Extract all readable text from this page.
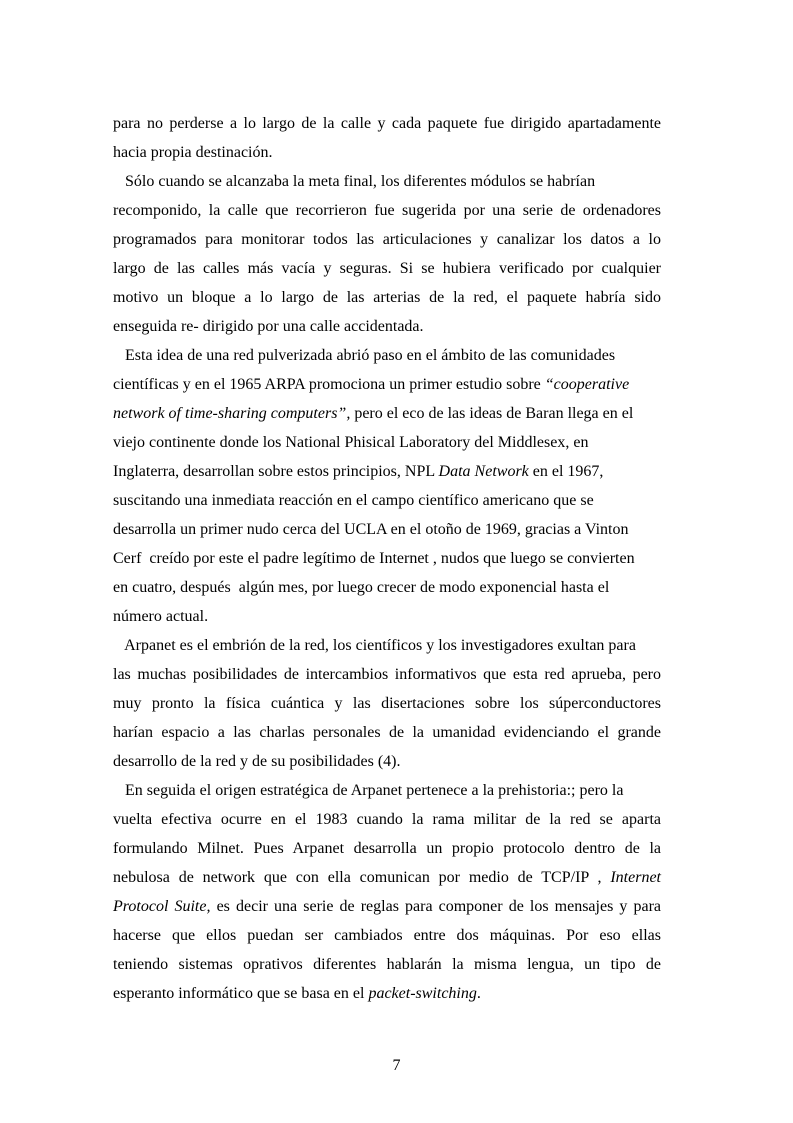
para no perderse a lo largo de la calle y cada paquete fue dirigido apartadamente
hacia propia destinación.
Sólo cuando se alcanzaba la meta final, los diferentes módulos se habrían
recomponido, la calle que recorrieron fue sugerida por una serie de ordenadores
programados para monitorar todos las articulaciones y canalizar los datos a lo
largo de las calles más vacía y seguras. Si se hubiera verificado por cualquier
motivo un bloque a lo largo de las arterias de la red, el paquete habría sido
enseguida re- dirigido por una calle accidentada.
Esta idea de una red pulverizada abrió paso en el ámbito de las comunidades
científicas y en el 1965 ARPA promociona un primer estudio sobre “cooperative
network of time-sharing computers”, pero el eco de las ideas de Baran llega en el
viejo continente donde los National Phisical Laboratory del Middlesex, en
Inglaterra, desarrollan sobre estos principios, NPL Data Network en el 1967,
suscitando una inmediata reacción en el campo científico americano que se
desarrolla un primer nudo cerca del UCLA en el otoño de 1969, gracias a Vinton
Cerf  creído por este el padre legítimo de Internet , nudos que luego se convierten
en cuatro, después  algún mes, por luego crecer de modo exponencial hasta el
número actual.
Arpanet es el embrión de la red, los científicos y los investigadores exultan para
las muchas posibilidades de intercambios informativos que esta red aprueba, pero
muy pronto la física cuántica y las disertaciones sobre los súperconductores
harían espacio a las charlas personales de la umanidad evidenciando el grande
desarrollo de la red y de su posibilidades (4).
En seguida el origen estratégica de Arpanet pertenece a la prehistoria:; pero la
vuelta efectiva ocurre en el 1983 cuando la rama militar de la red se aparta
formulando Milnet. Pues Arpanet desarrolla un propio protocolo dentro de la
nebulosa de network que con ella comunican por medio de TCP/IP , Internet
Protocol Suite, es decir una serie de reglas para componer de los mensajes y para
hacerse que ellos puedan ser cambiados entre dos máquinas. Por eso ellas
teniendo sistemas oprativos diferentes hablarán la misma lengua, un tipo de
esperanto informático que se basa en el packet-switching.
7
